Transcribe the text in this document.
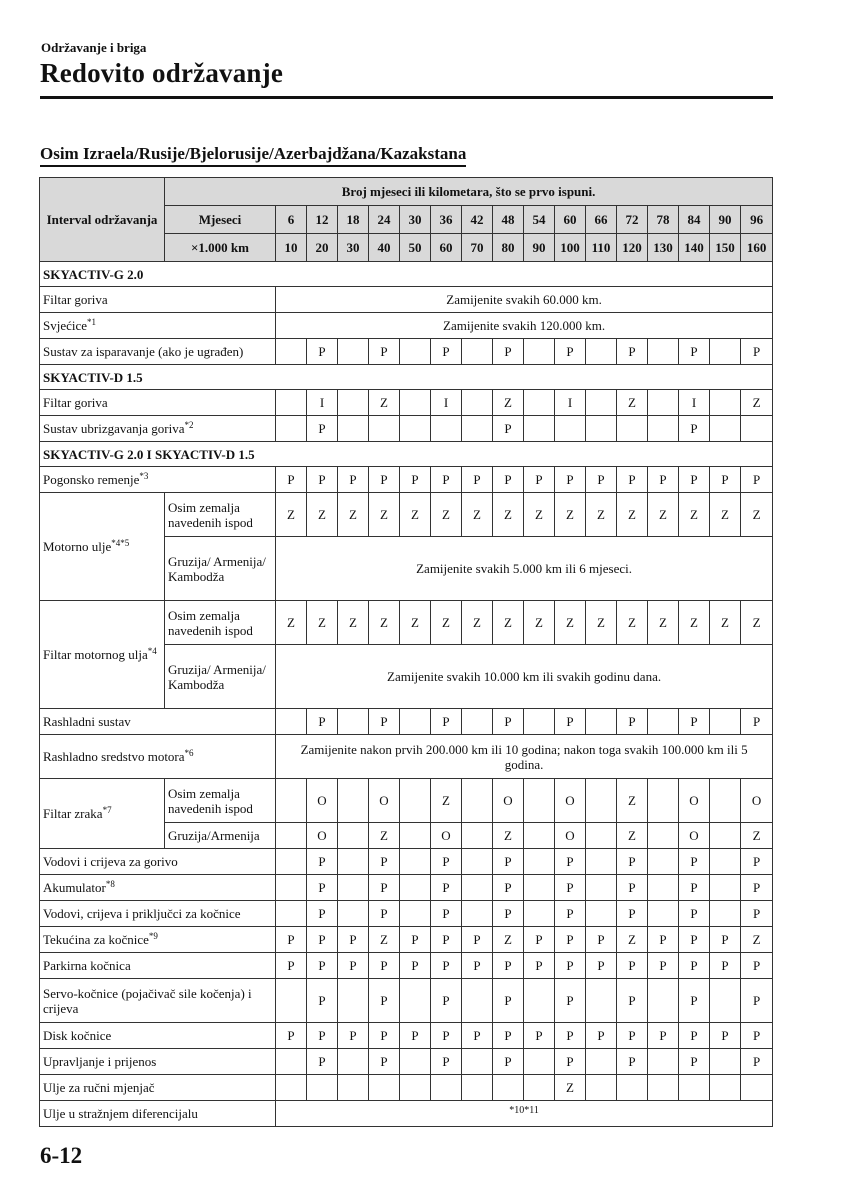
Održavanje i briga
Redovito održavanje
Osim Izraela/Rusije/Bjelorusije/Azerbajdžana/Kazakstana
Interval održavanja	Broj mjeseci ili kilometara, što se prvo ispuni.																
	Mjeseci	6	12	18	24	30	36	42	48	54	60	66	72	78	84	90	96
	×1.000 km	10	20	30	40	50	60	70	80	90	100	110	120	130	140	150	160
SKYACTIV-G 2.0																	
Filtar goriva		Zamijenite svakih 60.000 km.															
Svjećice$^{*1}$		Zamijenite svakih 120.000 km.															
Sustav za isparavanje (ako je ugrađen)			P		P		P		P		P		P		P		P
SKYACTIV-D 1.5																	
Filtar goriva			I		Z		I		Z		I		Z		I		Z
Sustav ubrizgavanja goriva$^{*2}$			P						P						P		
SKYACTIV-G 2.0 I SKYACTIV-D 1.5																	
Pogonsko remenje$^{*3}$		P	P	P	P	P	P	P	P	P	P	P	P	P	P	P	P
Motorno ulje$^{*4*5}$	Osim zemalja navedenih ispod	Z	Z	Z	Z	Z	Z	Z	Z	Z	Z	Z	Z	Z	Z	Z	Z
	Gruzija/ Armenija/ Kambodža	Zamijenite svakih 5.000 km ili 6 mjeseci.															
Filtar motornog ulja$^{*4}$	Osim zemalja navedenih ispod	Z	Z	Z	Z	Z	Z	Z	Z	Z	Z	Z	Z	Z	Z	Z	Z
	Gruzija/ Armenija/ Kambodža	Zamijenite svakih 10.000 km ili svakih godinu dana.															
Rashladni sustav			P		P		P		P		P		P		P		P
Rashladno sredstvo motora$^{*6}$		Zamijenite nakon prvih 200.000 km ili 10 godina; nakon toga svakih 100.000 km ili 5 godina.															
Filtar zraka$^{*7}$	Osim zemalja navedenih ispod		O		O		Z		O		O		Z		O		O
	Gruzija/Armenija		O		Z		O		Z		O		Z		O		Z
Vodovi i crijeva za gorivo			P		P		P		P		P		P		P		P
Akumulator$^{*8}$			P		P		P		P		P		P		P		P
Vodovi, crijeva i priključci za kočnice			P		P		P		P		P		P		P		P
Tekućina za kočnice$^{*9}$		P	P	P	Z	P	P	P	Z	P	P	P	Z	P	P	P	Z
Parkirna kočnica		P	P	P	P	P	P	P	P	P	P	P	P	P	P	P	P
Servo-kočnice (pojačivač sile kočenja) i crijeva			P		P		P		P		P		P		P		P
Disk kočnice		P	P	P	P	P	P	P	P	P	P	P	P	P	P	P	P
Upravljanje i prijenos			P		P		P		P		P		P		P		P
Ulje za ručni mjenjač											Z						
Ulje u stražnjem diferencijalu		*10*11															
6-12
